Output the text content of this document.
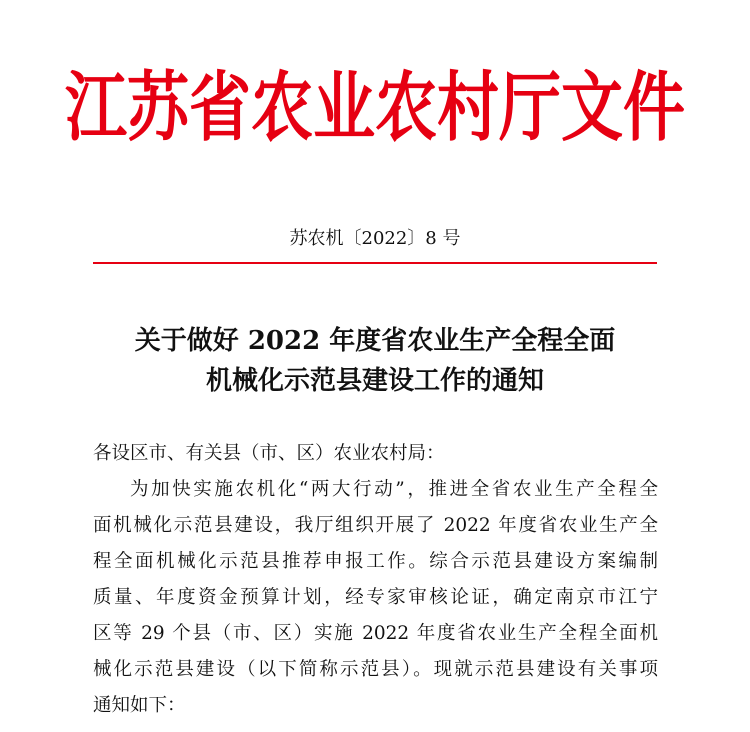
江苏省农业农村厅文件
苏农机〔2022〕8 号
关于做好 2022 年度省农业生产全程全面
机械化示范县建设工作的通知
各设区市、有关县（市、区）农业农村局：
为加快实施农机化“两大行动”，推进全省农业生产全程全
面机械化示范县建设，我厅组织开展了 2022 年度省农业生产全
程全面机械化示范县推荐申报工作。综合示范县建设方案编制
质量、年度资金预算计划，经专家审核论证，确定南京市江宁
区等 29 个县（市、区）实施 2022 年度省农业生产全程全面机
械化示范县建设（以下简称示范县）。现就示范县建设有关事项
通知如下：
